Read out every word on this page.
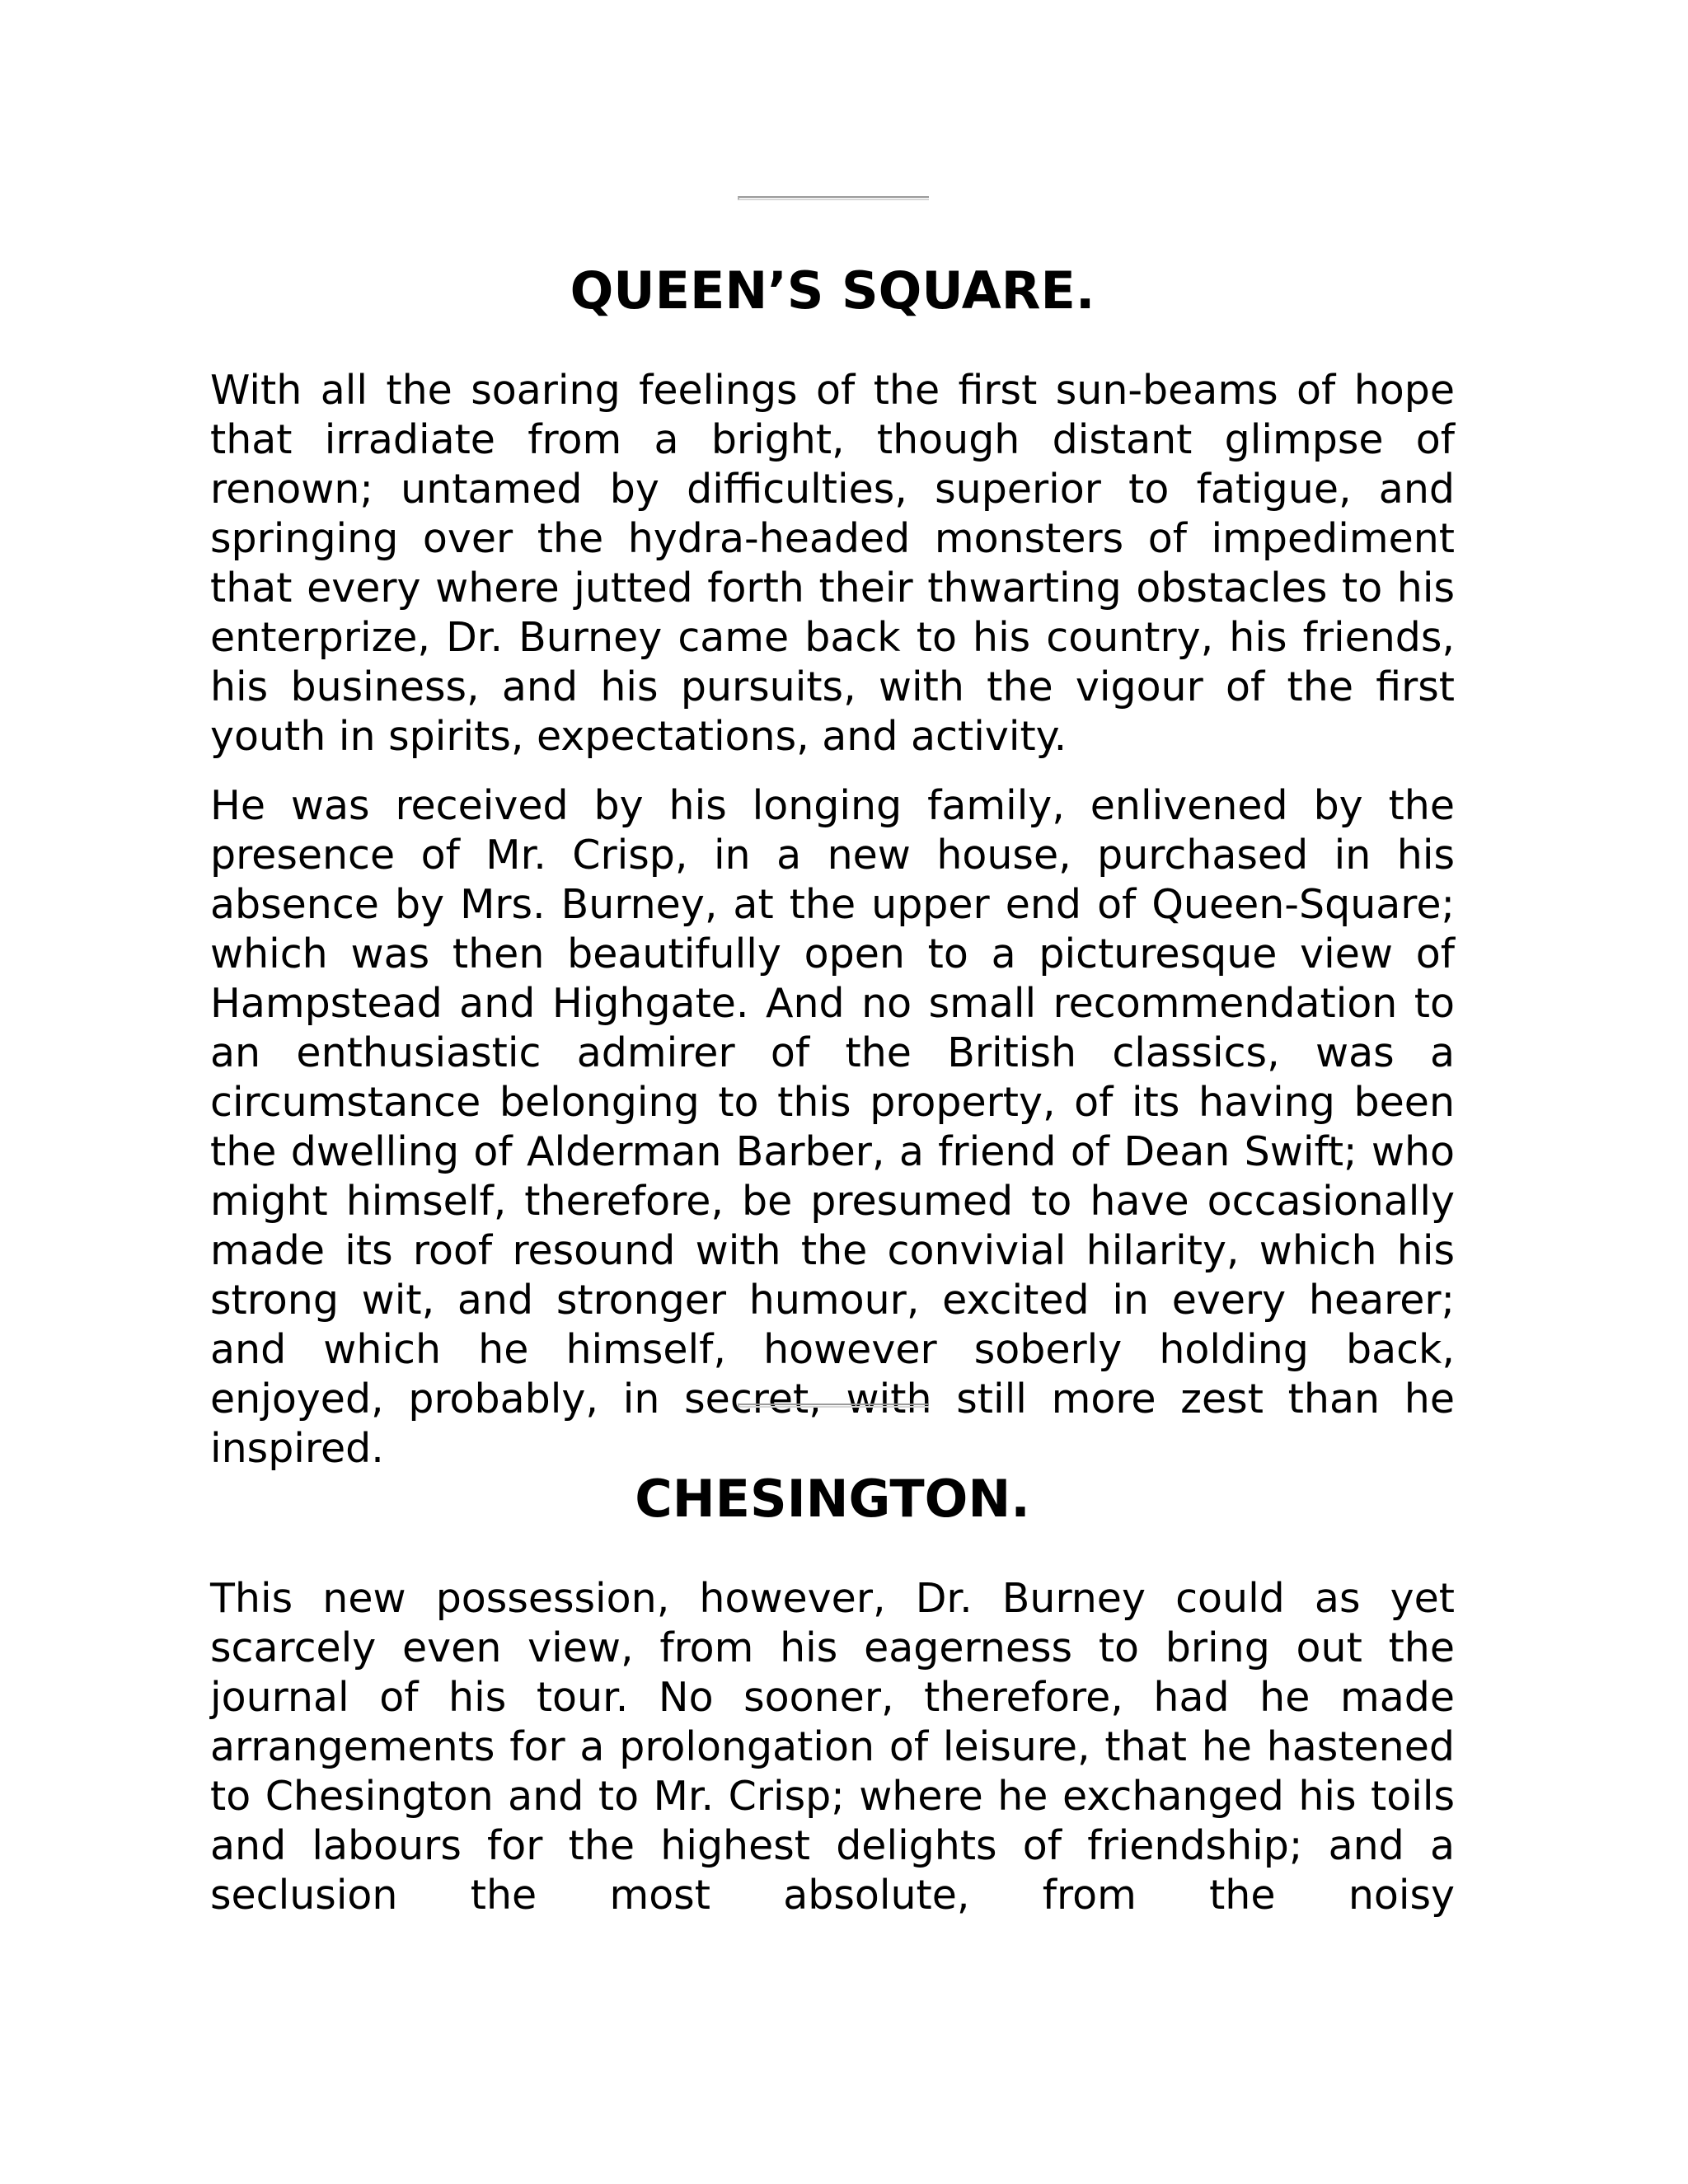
QUEEN’S SQUARE.

With all the soaring feelings of the first sun-beams of hope that irradiate from a bright, though distant glimpse of renown; untamed by difficulties, superior to fatigue, and springing over the hydra-headed monsters of impediment that every where jutted forth their thwarting obstacles to his enterprize, Dr. Burney came back to his country, his friends, his business, and his pursuits, with the vigour of the first youth in spirits, expectations, and activity.

He was received by his longing family, enlivened by the presence of Mr. Crisp, in a new house, purchased in his absence by Mrs. Burney, at the upper end of Queen-Square; which was then beautifully open to a picturesque view of Hampstead and Highgate. And no small recommendation to an enthusiastic admirer of the British classics, was a circumstance belonging to this property, of its having been the dwelling of Alderman Barber, a friend of Dean Swift; who might himself, therefore, be presumed to have occasionally made its roof resound with the convivial hilarity, which his strong wit, and stronger humour, excited in every hearer; and which he himself, however soberly holding back, enjoyed, probably, in secret, with still more zest than he inspired.

CHESINGTON.

This new possession, however, Dr. Burney could as yet scarcely even view, from his eagerness to bring out the journal of his tour. No sooner, therefore, had he made arrangements for a prolongation of leisure, that he hastened to Chesington and to Mr. Crisp; where he exchanged his toils and labours for the highest delights of friendship; and a seclusion the most absolute, from the noisy
